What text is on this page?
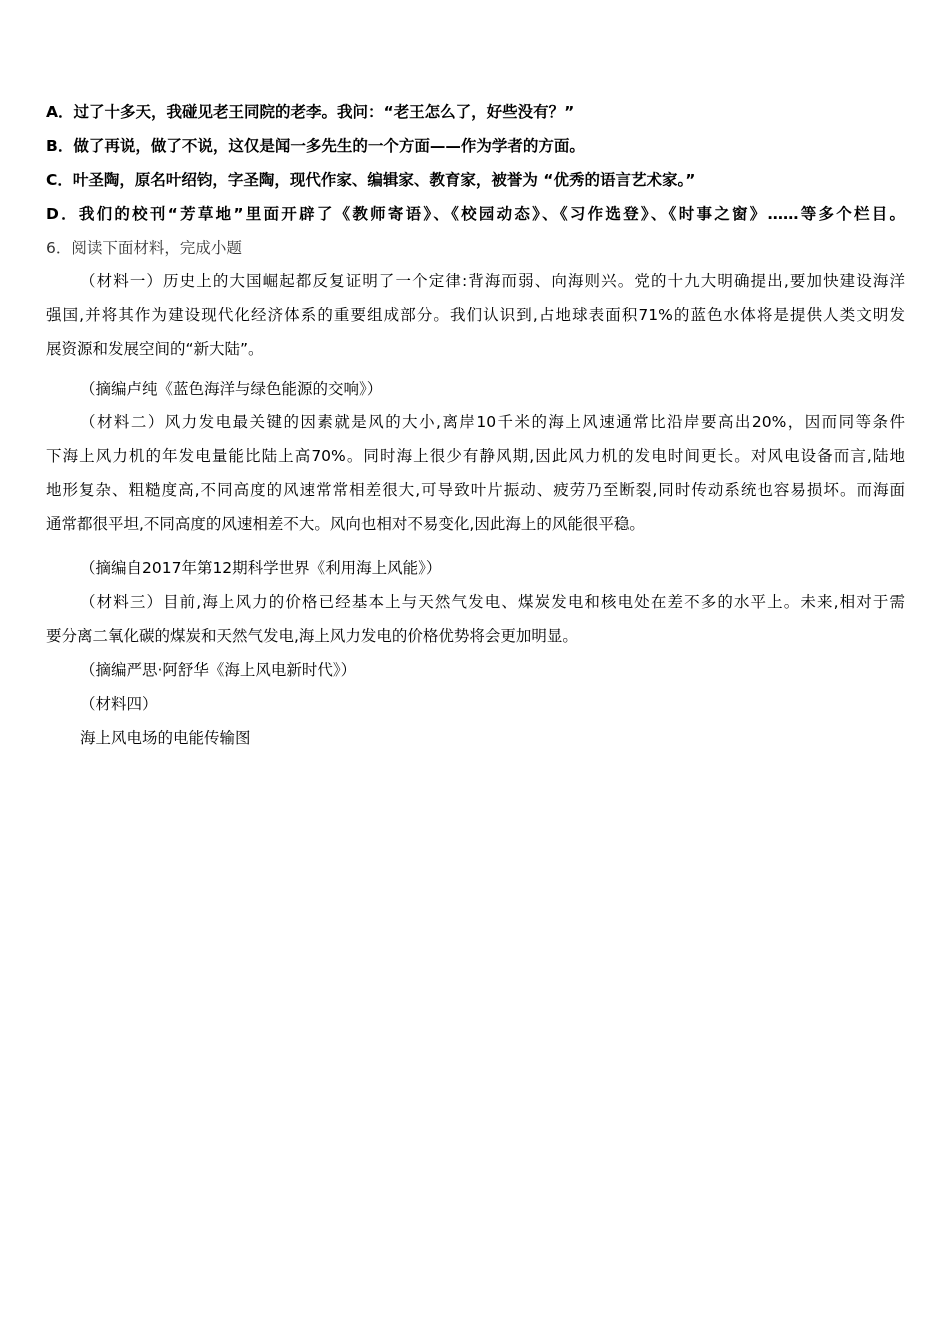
A．过了十多天，我碰见老王同院的老李。我问：“老王怎么了，好些没有？”
B．做了再说，做了不说，这仅是闻一多先生的一个方面——作为学者的方面。
C．叶圣陶，原名叶绍钧，字圣陶，现代作家、编辑家、教育家，被誉为 “优秀的语言艺术家。”
D．我们的校刊“芳草地”里面开辟了《教师寄语》、《校园动态》、《习作选登》、《时事之窗》……等多个栏目。
6．阅读下面材料，完成小题
（材料一）历史上的大国崛起都反复证明了一个定律:背海而弱、向海则兴。党的十九大明确提出,要加快建设海洋
强国,并将其作为建设现代化经济体系的重要组成部分。我们认识到,占地球表面积71%的蓝色水体将是提供人类文明发
展资源和发展空间的“新大陆”。
（摘编卢纯《蓝色海洋与绿色能源的交响》）
（材料二）风力发电最关键的因素就是风的大小,离岸10千米的海上风速通常比沿岸要高出20%，因而同等条件
下海上风力机的年发电量能比陆上高70%。同时海上很少有静风期,因此风力机的发电时间更长。对风电设备而言,陆地
地形复杂、粗糙度高,不同高度的风速常常相差很大,可导致叶片振动、疲劳乃至断裂,同时传动系统也容易损坏。而海面
通常都很平坦,不同高度的风速相差不大。风向也相对不易变化,因此海上的风能很平稳。
（摘编自2017年第12期科学世界《利用海上风能》）
（材料三）目前,海上风力的价格已经基本上与天然气发电、煤炭发电和核电处在差不多的水平上。未来,相对于需
要分离二氧化碳的煤炭和天然气发电,海上风力发电的价格优势将会更加明显。
（摘编严思·阿舒华《海上风电新时代》）
（材料四）
海上风电场的电能传输图
